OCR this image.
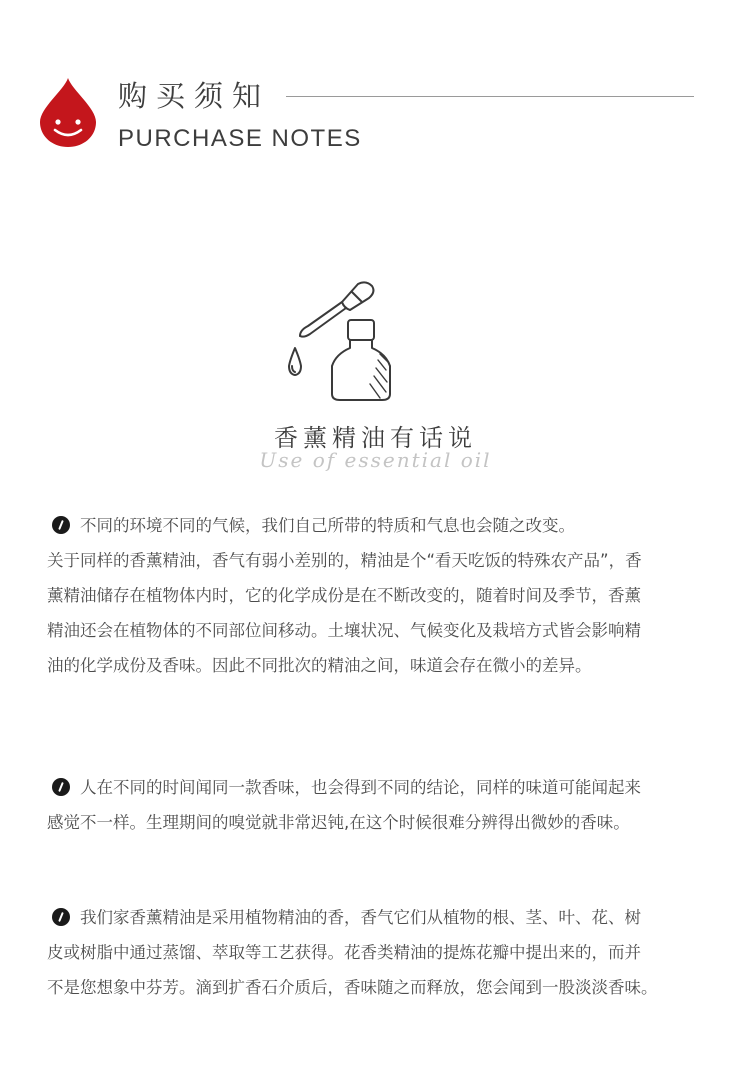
购买须知
PURCHASE NOTES
香薰精油有话说
Use of essential oil
不同的环境不同的气候，我们自己所带的特质和气息也会随之改变。
关于同样的香薰精油，香气有弱小差别的，精油是个“看天吃饭的特殊农产品”，香
薰精油储存在植物体内时，它的化学成份是在不断改变的，随着时间及季节，香薰
精油还会在植物体的不同部位间移动。土壤状况、气候变化及栽培方式皆会影响精
油的化学成份及香味。因此不同批次的精油之间，味道会存在微小的差异。
人在不同的时间闻同一款香味，也会得到不同的结论，同样的味道可能闻起来
感觉不一样。生理期间的嗅觉就非常迟钝,在这个时候很难分辨得出微妙的香味。
我们家香薰精油是采用植物精油的香，香气它们从植物的根、茎、叶、花、树
皮或树脂中通过蒸馏、萃取等工艺获得。花香类精油的提炼花瓣中提出来的，而并
不是您想象中芬芳。滴到扩香石介质后，香味随之而释放，您会闻到一股淡淡香味。
